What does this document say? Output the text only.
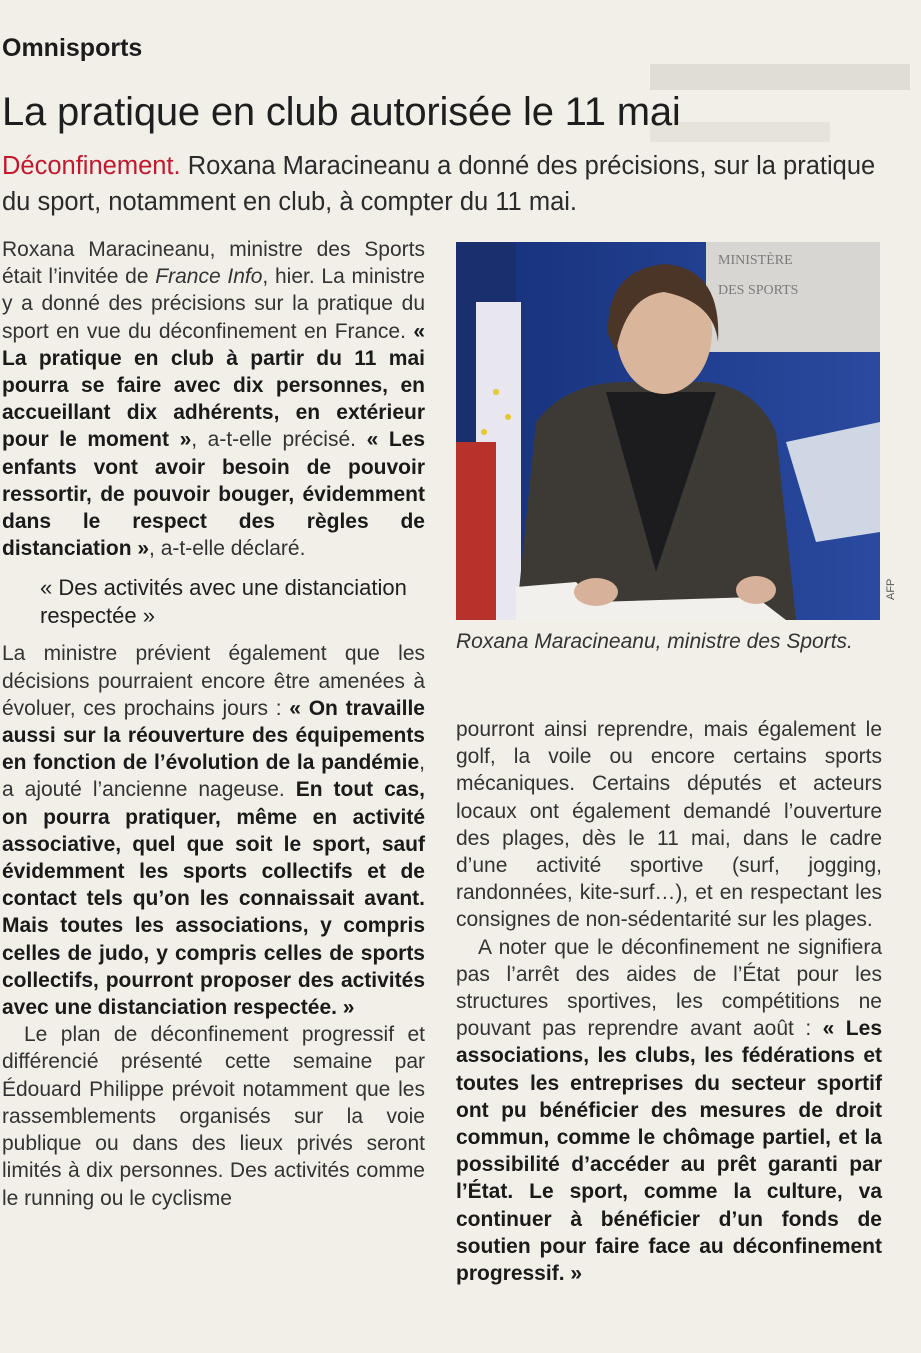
Omnisports
La pratique en club autorisée le 11 mai
Déconfinement. Roxana Maracineanu a donné des précisions, sur la pratique du sport, notamment en club, à compter du 11 mai.

Roxana Maracineanu, ministre des Sports était l’invitée de France Info, hier. La ministre y a donné des précisions sur la pratique du sport en vue du déconfinement en France. « La pratique en club à partir du 11 mai pourra se faire avec dix personnes, en accueillant dix adhérents, en extérieur pour le moment », a-t-elle précisé. « Les enfants vont avoir besoin de pouvoir ressortir, de pouvoir bouger, évidemment dans le respect des règles de distanciation », a-t-elle déclaré.

« Des activités avec une distanciation respectée »

La ministre prévient également que les décisions pourraient encore être amenées à évoluer, ces prochains jours : « On travaille aussi sur la réouverture des équipements en fonction de l’évolution de la pandémie, a ajouté l’ancienne nageuse. En tout cas, on pourra pratiquer, même en activité associative, quel que soit le sport, sauf évidemment les sports collectifs et de contact tels qu’on les connaissait avant. Mais toutes les associations, y compris celles de judo, y compris celles de sports collectifs, pourront proposer des activités avec une distanciation respectée. »

Le plan de déconfinement progressif et différencié présenté cette semaine par Édouard Philippe prévoit notamment que les rassemblements organisés sur la voie publique ou dans des lieux privés seront limités à dix personnes. Des activités comme le running ou le cyclisme

MINISTÈRE
DES SPORTS
AFP
Roxana Maracineanu, ministre des Sports.

pourront ainsi reprendre, mais également le golf, la voile ou encore certains sports mécaniques. Certains députés et acteurs locaux ont également demandé l’ouverture des plages, dès le 11 mai, dans le cadre d’une activité sportive (surf, jogging, randonnées, kite-surf…), et en respectant les consignes de non-sédentarité sur les plages.

A noter que le déconfinement ne signifiera pas l’arrêt des aides de l’État pour les structures sportives, les compétitions ne pouvant pas reprendre avant août : « Les associations, les clubs, les fédérations et toutes les entreprises du secteur sportif ont pu bénéficier des mesures de droit commun, comme le chômage partiel, et la possibilité d’accéder au prêt garanti par l’État. Le sport, comme la culture, va continuer à bénéficier d’un fonds de soutien pour faire face au déconfinement progressif. »
